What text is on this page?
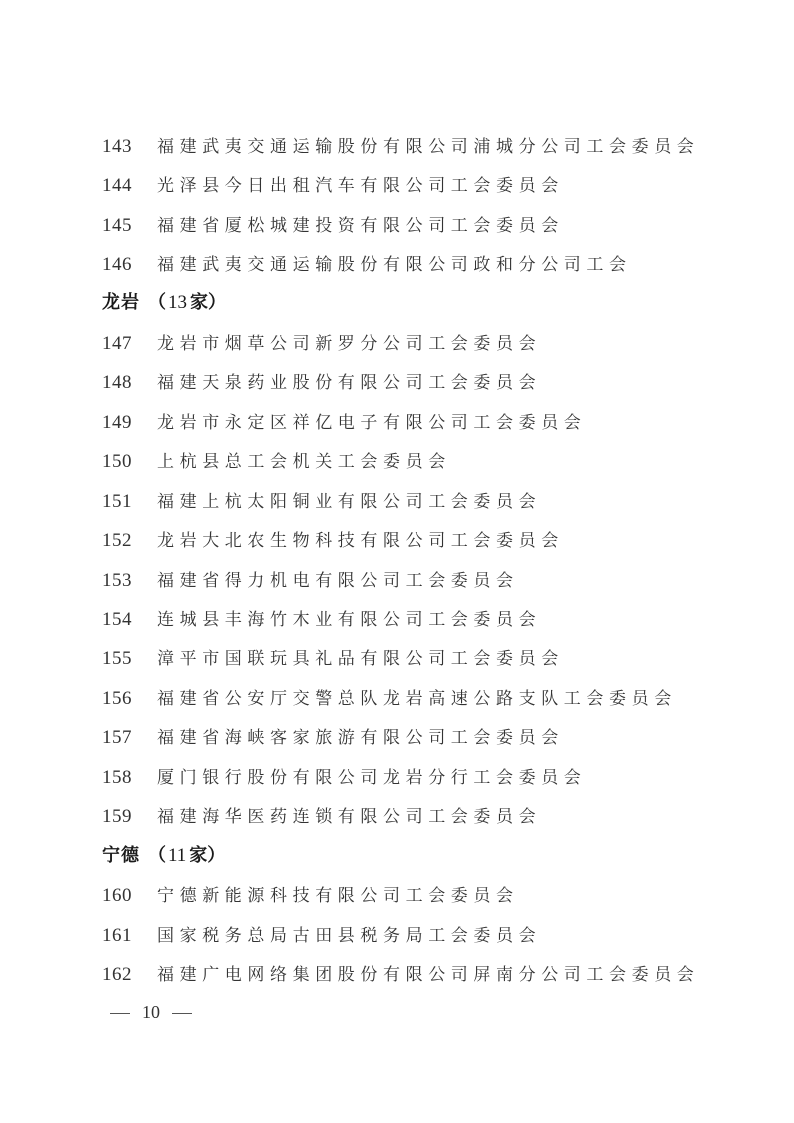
143 福建武夷交通运输股份有限公司浦城分公司工会委员会
144 光泽县今日出租汽车有限公司工会委员会
145 福建省厦松城建投资有限公司工会委员会
146 福建武夷交通运输股份有限公司政和分公司工会
龙岩 （ 13 家）
147 龙岩市烟草公司新罗分公司工会委员会
148 福建天泉药业股份有限公司工会委员会
149 龙岩市永定区祥亿电子有限公司工会委员会
150 上杭县总工会机关工会委员会
151 福建上杭太阳铜业有限公司工会委员会
152 龙岩大北农生物科技有限公司工会委员会
153 福建省得力机电有限公司工会委员会
154 连城县丰海竹木业有限公司工会委员会
155 漳平市国联玩具礼品有限公司工会委员会
156 福建省公安厅交警总队龙岩高速公路支队工会委员会
157 福建省海峡客家旅游有限公司工会委员会
158 厦门银行股份有限公司龙岩分行工会委员会
159 福建海华医药连锁有限公司工会委员会
宁德 （ 11 家）
160 宁德新能源科技有限公司工会委员会
161 国家税务总局古田县税务局工会委员会
162 福建广电网络集团股份有限公司屏南分公司工会委员会
10
